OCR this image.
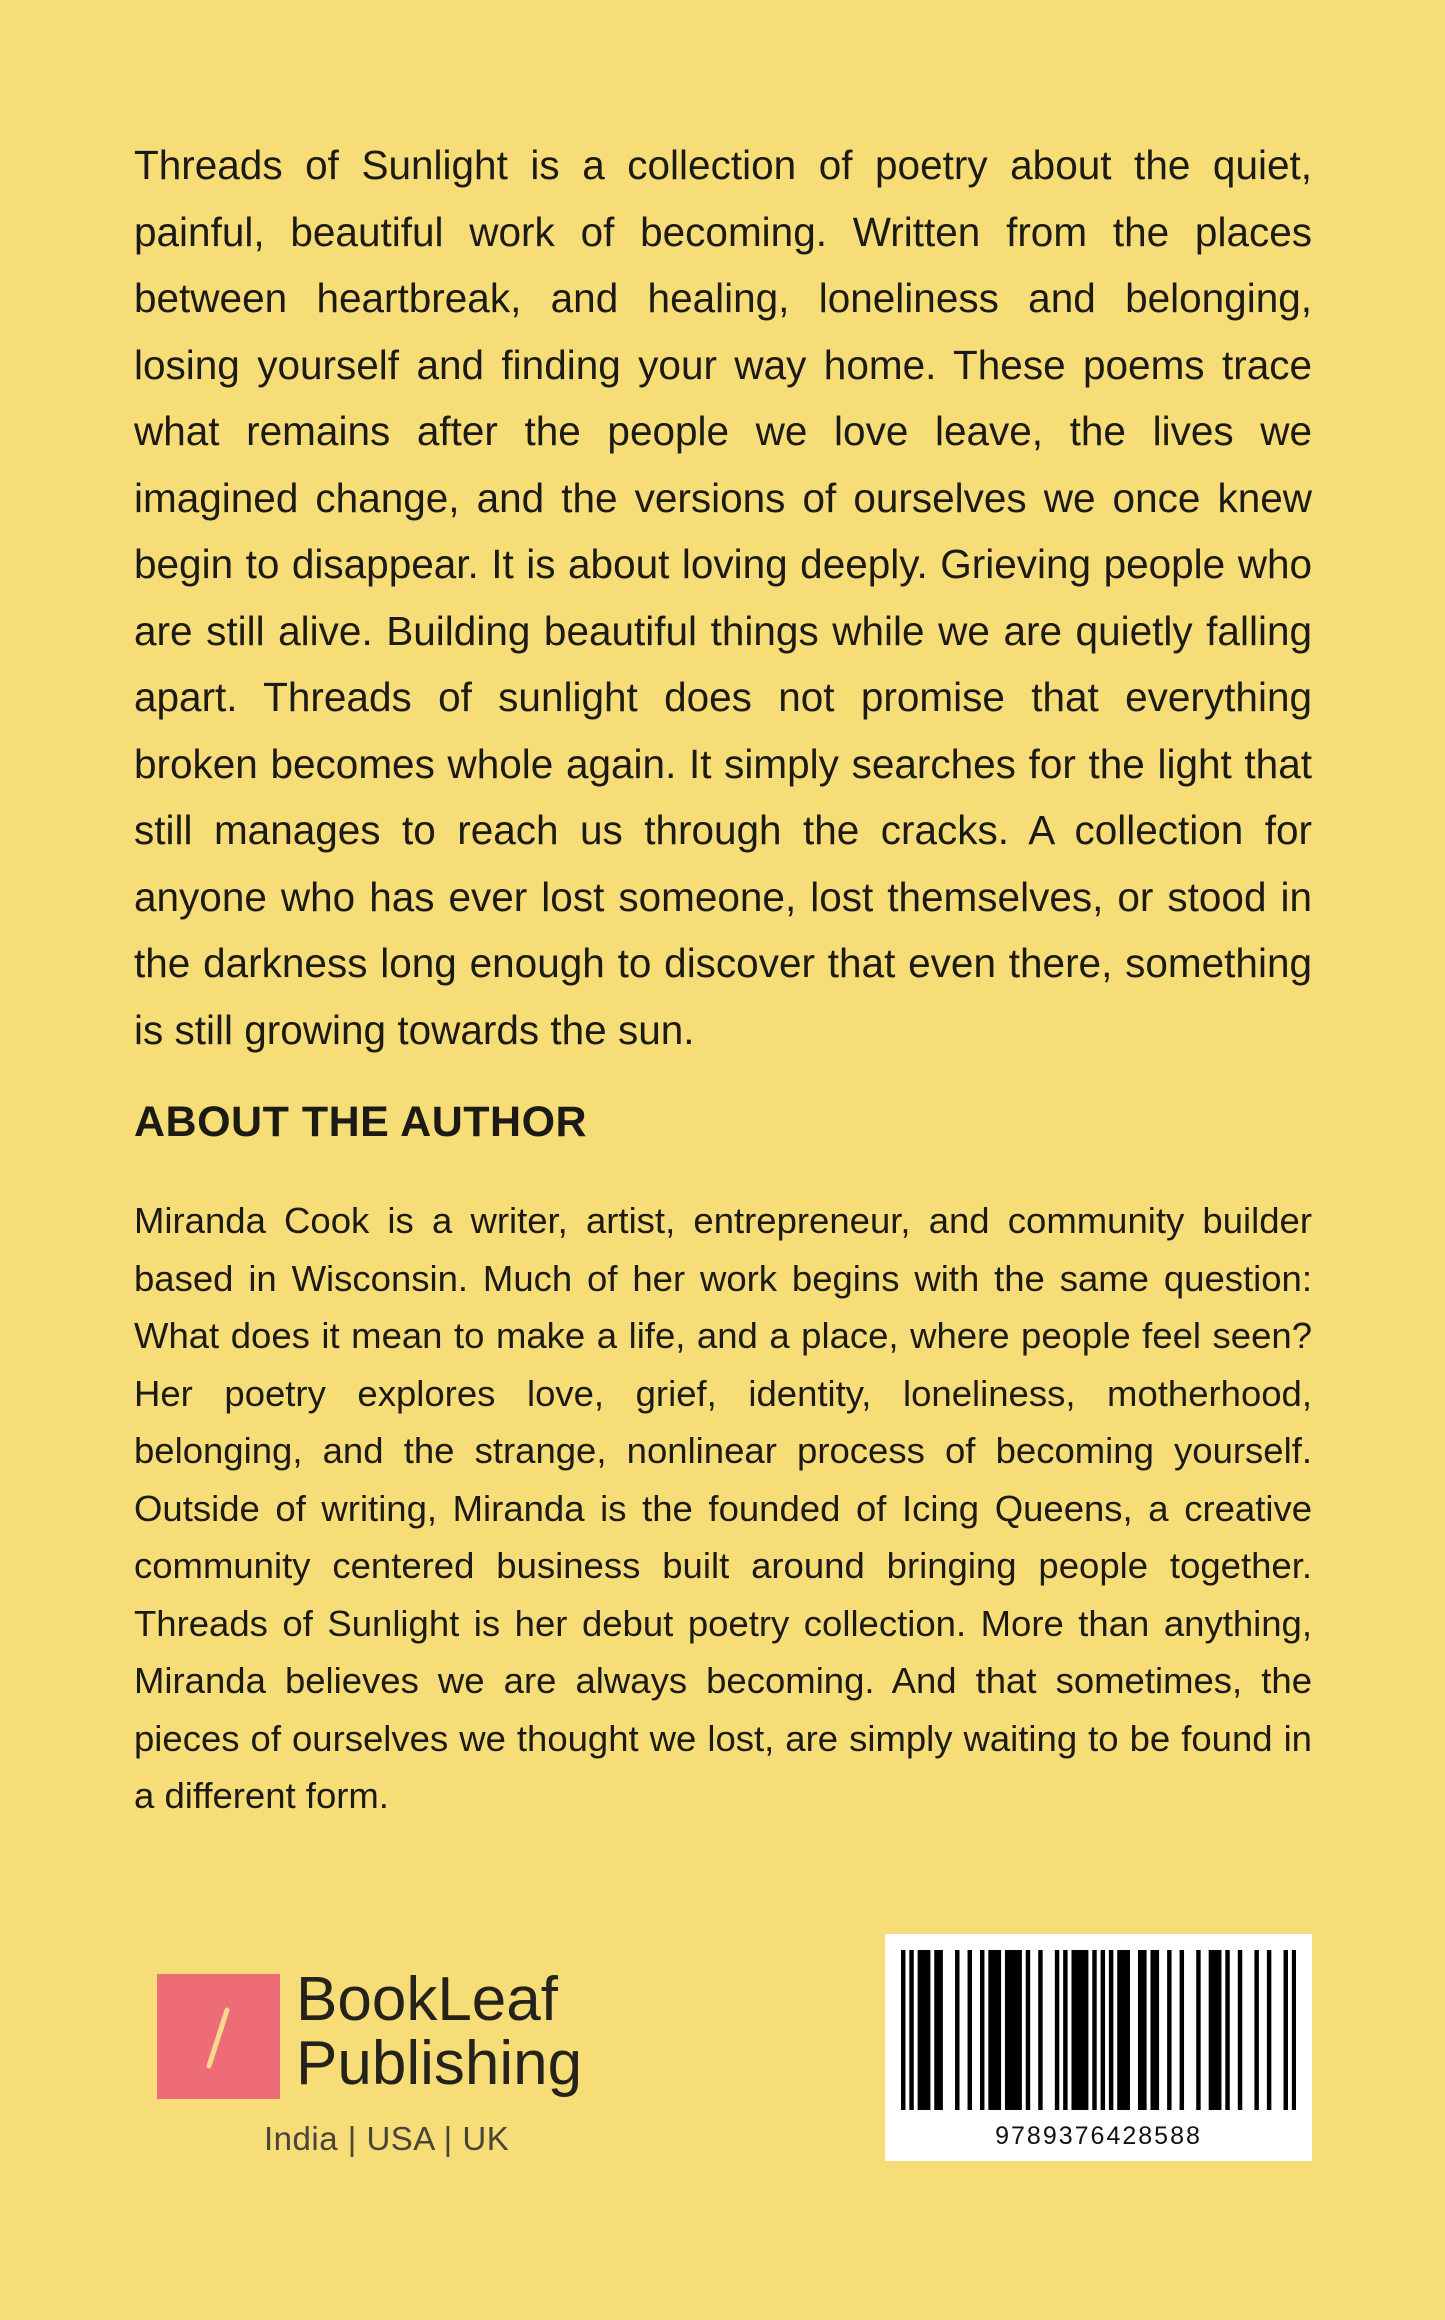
Threads of Sunlight is a collection of poetry about the quiet, painful, beautiful work of becoming. Written from the places between heartbreak, and healing, loneliness and belonging, losing yourself and finding your way home. These poems trace what remains after the people we love leave, the lives we imagined change, and the versions of ourselves we once knew begin to disappear. It is about loving deeply. Grieving people who are still alive. Building beautiful things while we are quietly falling apart. Threads of sunlight does not promise that everything broken becomes whole again. It simply searches for the light that still manages to reach us through the cracks. A collection for anyone who has ever lost someone, lost themselves, or stood in the darkness long enough to discover that even there, something is still growing towards the sun.

ABOUT THE AUTHOR

Miranda Cook is a writer, artist, entrepreneur, and community builder based in Wisconsin. Much of her work begins with the same question: What does it mean to make a life, and a place, where people feel seen? Her poetry explores love, grief, identity, loneliness, motherhood, belonging, and the strange, nonlinear process of becoming yourself. Outside of writing, Miranda is the founded of Icing Queens, a creative community centered business built around bringing people together. Threads of Sunlight is her debut poetry collection. More than anything, Miranda believes we are always becoming. And that sometimes, the pieces of ourselves we thought we lost, are simply waiting to be found in a different form.

BookLeaf
Publishing

India | USA | UK	9789376428588
